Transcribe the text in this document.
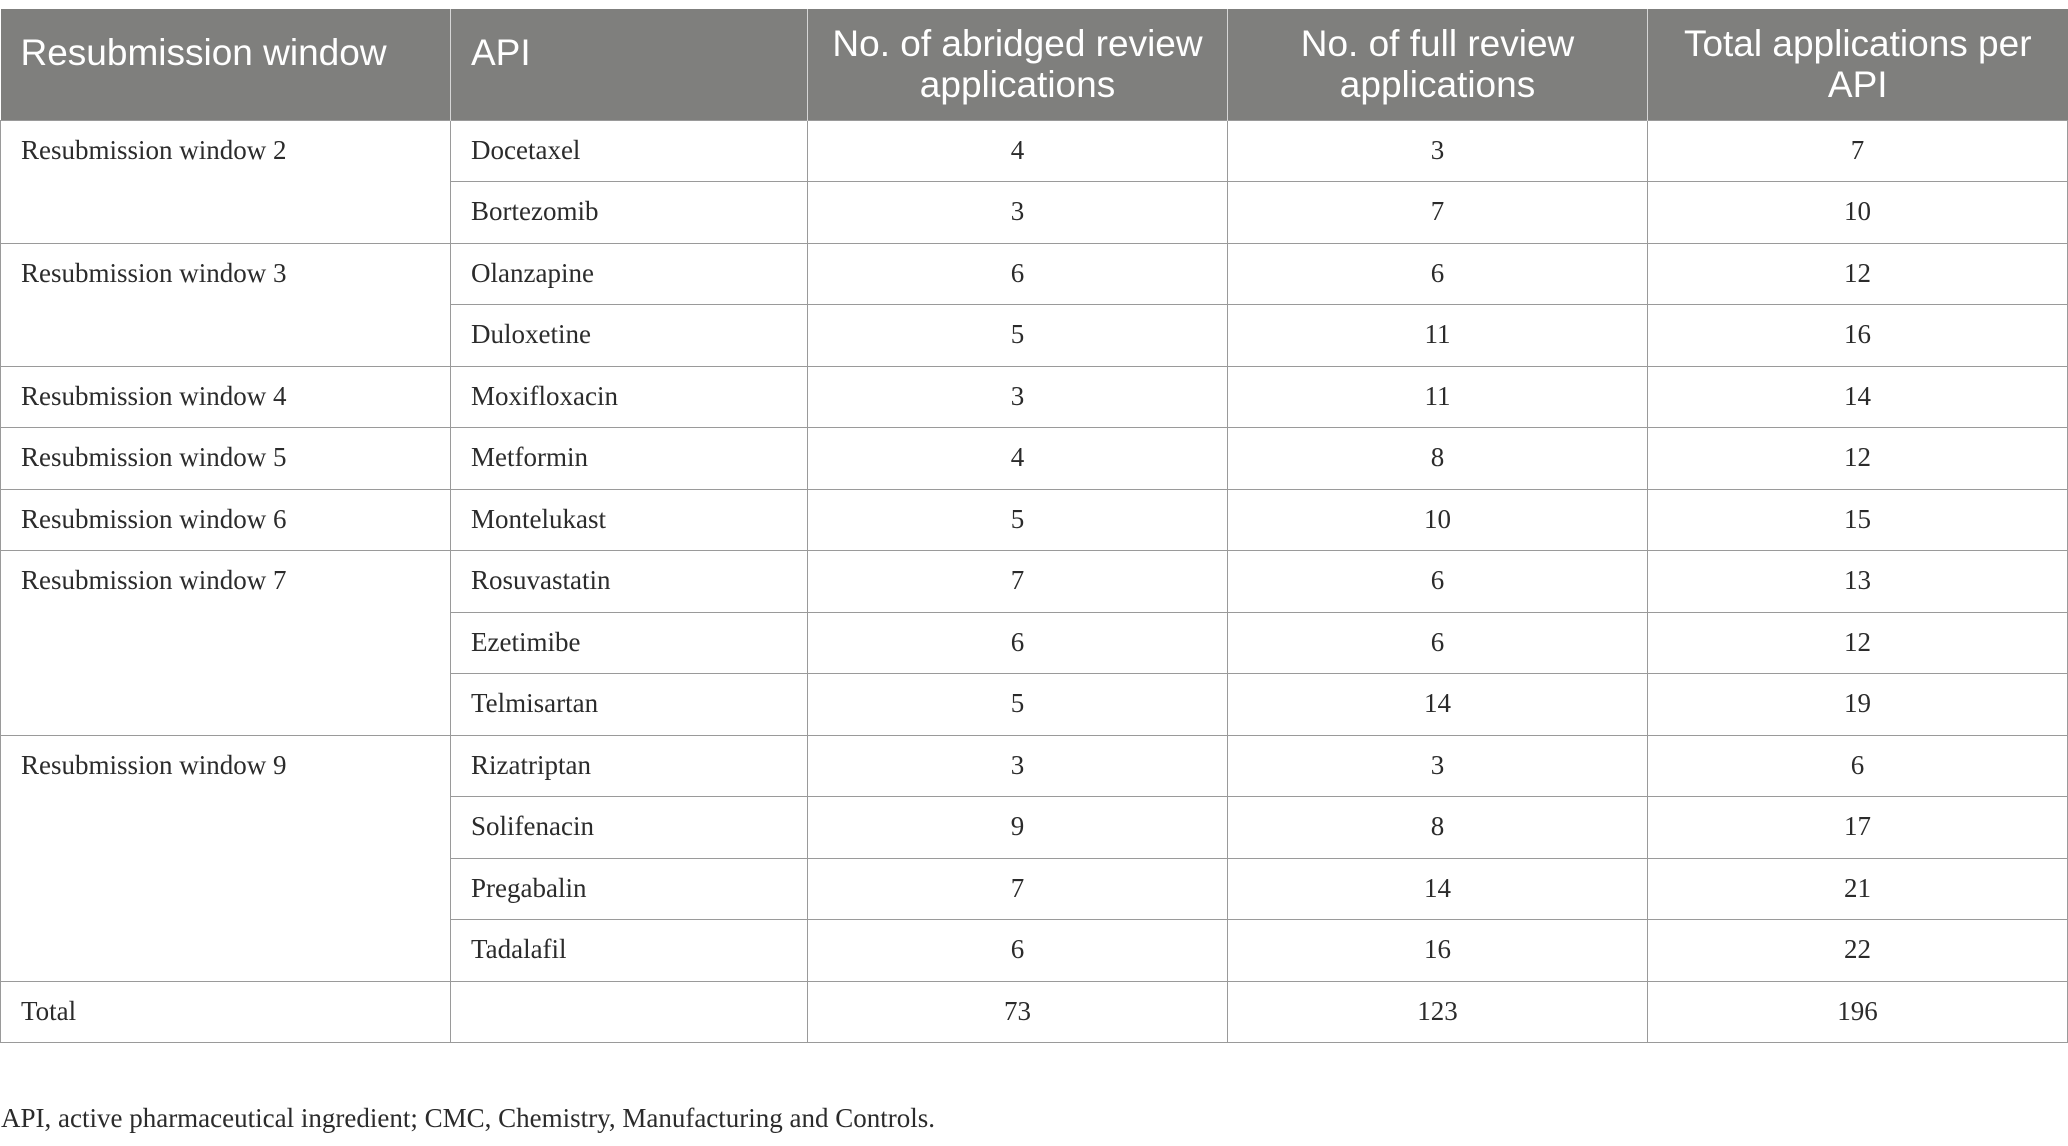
Resubmission window	API	No. of abridged review applications	No. of full review applications	Total applications per API
Resubmission window 2	Docetaxel	4	3	7
	Bortezomib	3	7	10
Resubmission window 3	Olanzapine	6	6	12
	Duloxetine	5	11	16
Resubmission window 4	Moxifloxacin	3	11	14
Resubmission window 5	Metformin	4	8	12
Resubmission window 6	Montelukast	5	10	15
Resubmission window 7	Rosuvastatin	7	6	13
	Ezetimibe	6	6	12
	Telmisartan	5	14	19
Resubmission window 9	Rizatriptan	3	3	6
	Solifenacin	9	8	17
	Pregabalin	7	14	21
	Tadalafil	6	16	22
Total		73	123	196
API, active pharmaceutical ingredient; CMC, Chemistry, Manufacturing and Controls.
